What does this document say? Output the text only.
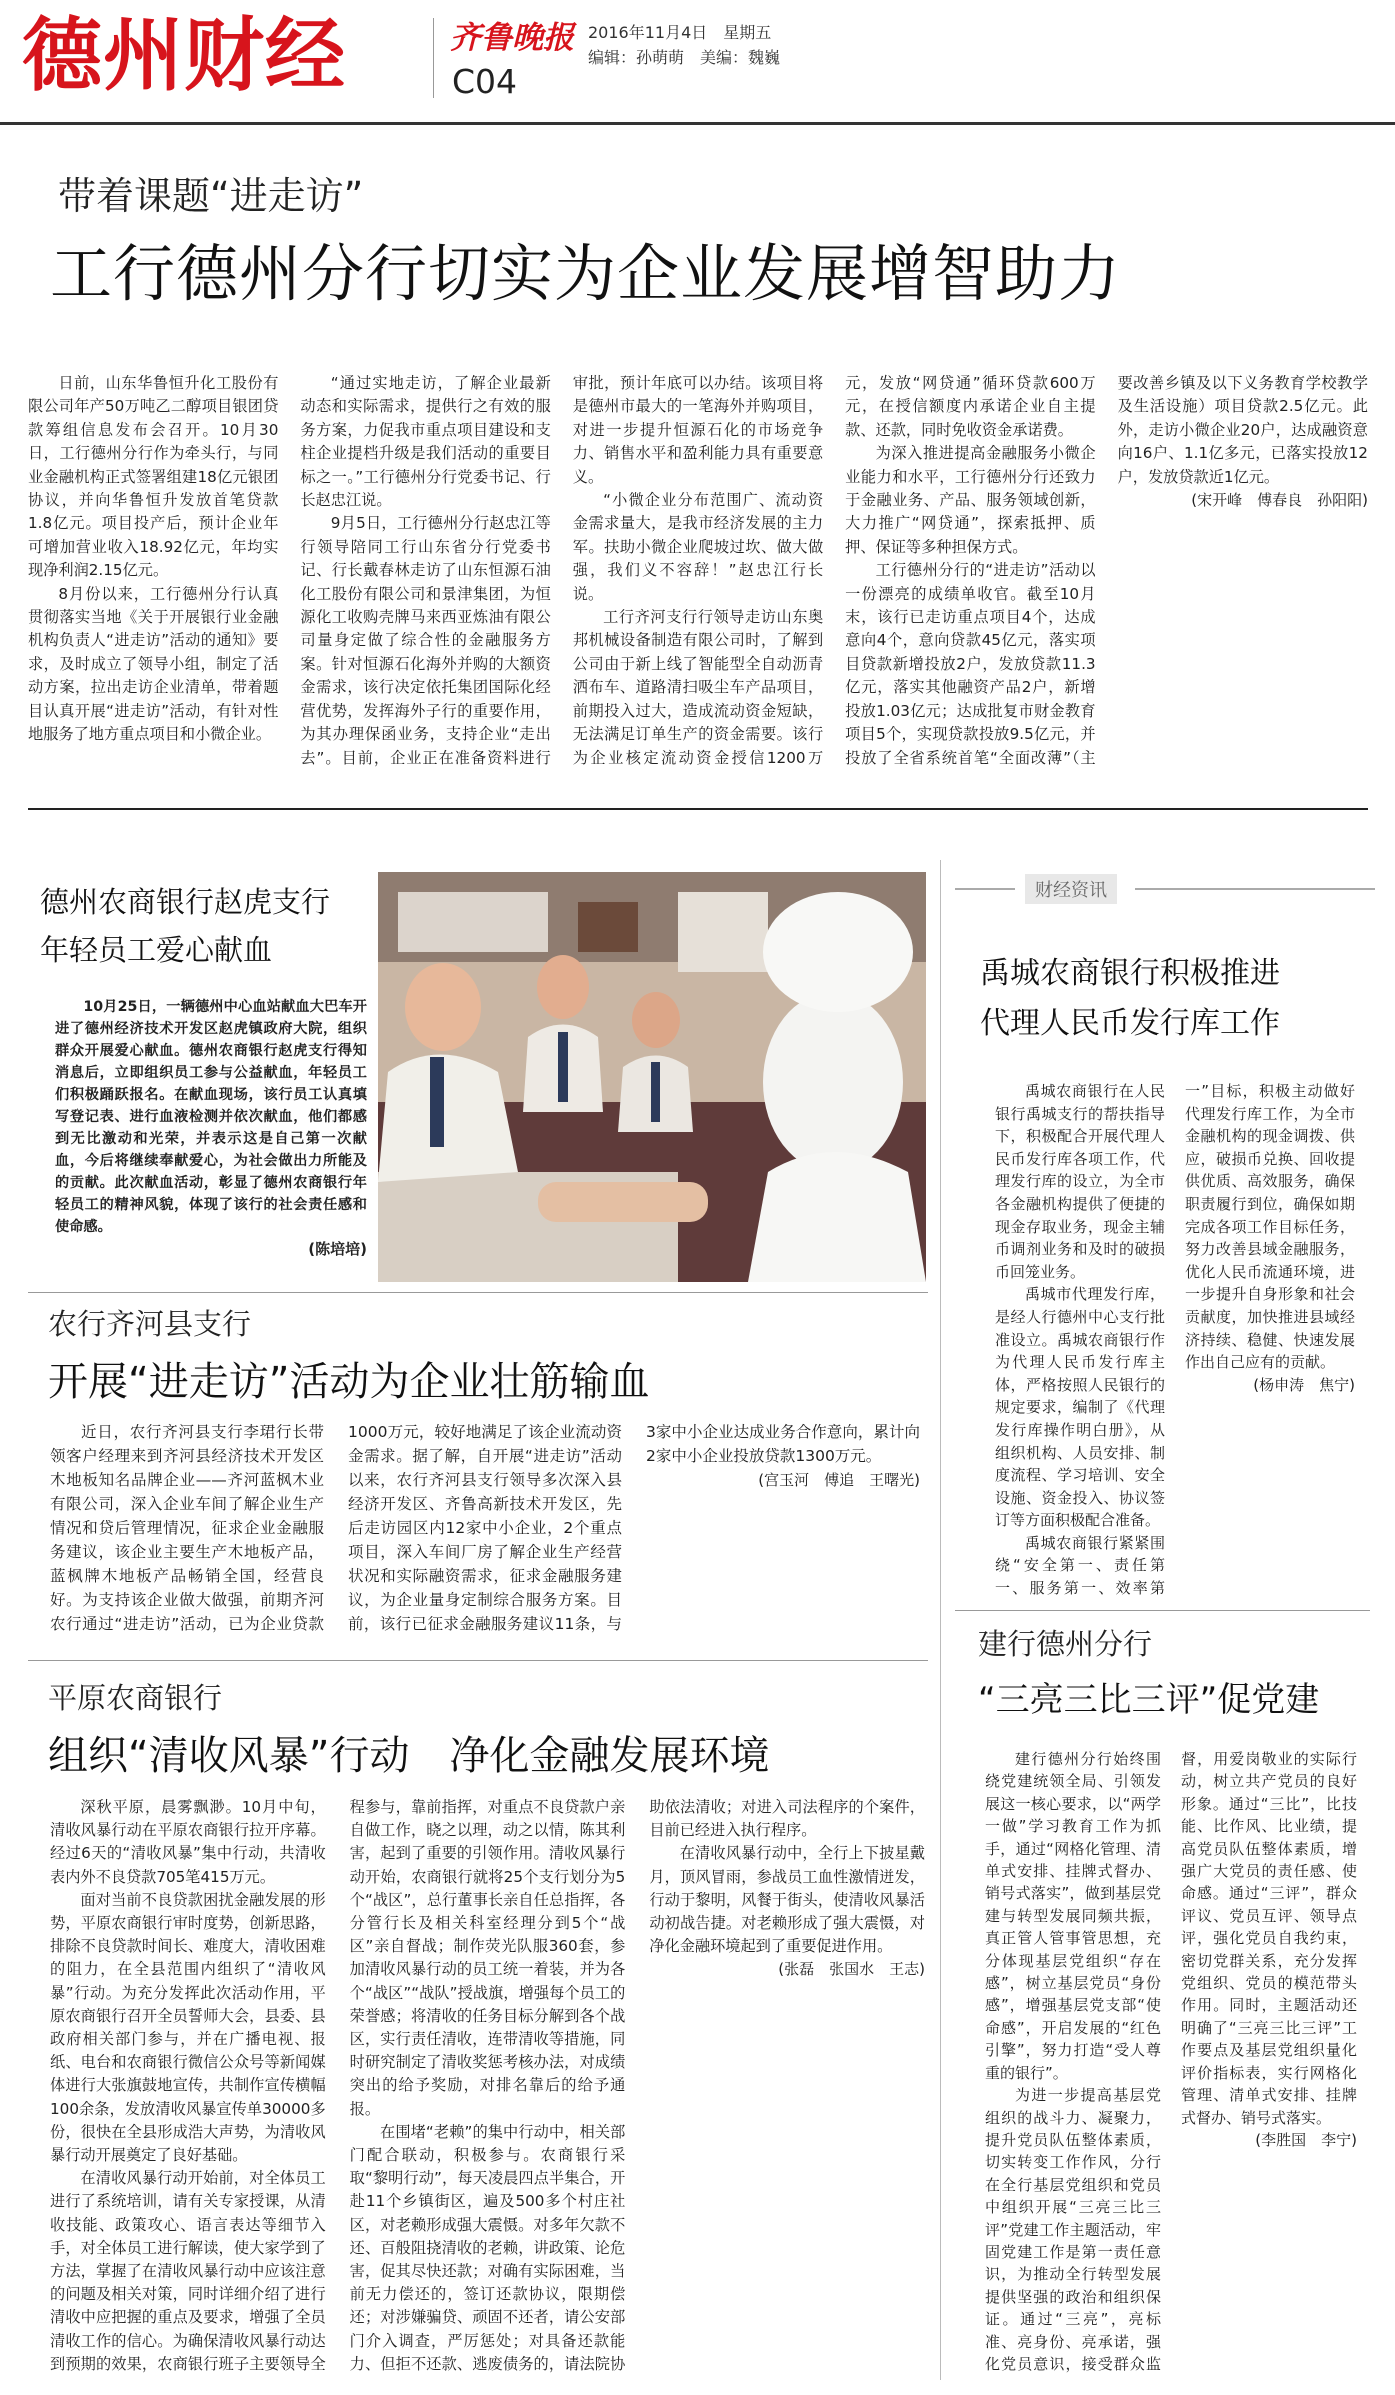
德州财经	齐鲁晚报
C04
2016年11月4日　星期五
编辑：孙萌萌　美编：魏巍
带着课题“进走访”
工行德州分行切实为企业发展增智助力

日前，山东华鲁恒升化工股份有限公司年产50万吨乙二醇项目银团贷款筹组信息发布会召开。10月30日，工行德州分行作为牵头行，与同业金融机构正式签署组建18亿元银团协议，并向华鲁恒升发放首笔贷款1.8亿元。项目投产后，预计企业年可增加营业收入18.92亿元，年均实现净利润2.15亿元。

8月份以来，工行德州分行认真贯彻落实当地《关于开展银行业金融机构负责人“进走访”活动的通知》要求，及时成立了领导小组，制定了活动方案，拉出走访企业清单，带着题目认真开展“进走访”活动，有针对性地服务了地方重点项目和小微企业。

“通过实地走访，了解企业最新动态和实际需求，提供行之有效的服务方案，力促我市重点项目建设和支柱企业提档升级是我们活动的重要目标之一。”工行德州分行党委书记、行长赵忠江说。

9月5日，工行德州分行赵忠江等行领导陪同工行山东省分行党委书记、行长戴春林走访了山东恒源石油化工股份有限公司和景津集团，为恒源化工收购壳牌马来西亚炼油有限公司量身定做了综合性的金融服务方案。针对恒源石化海外并购的大额资金需求，该行决定依托集团国际化经营优势，发挥海外子行的重要作用，为其办理保函业务，支持企业“走出去”。目前，企业正在准备资料进行审批，预计年底可以办结。该项目将是德州市最大的一笔海外并购项目，对进一步提升恒源石化的市场竞争力、销售水平和盈利能力具有重要意义。

“小微企业分布范围广、流动资金需求量大，是我市经济发展的主力军。扶助小微企业爬坡过坎、做大做强，我们义不容辞！”赵忠江行长说。

工行齐河支行行领导走访山东奥邦机械设备制造有限公司时，了解到公司由于新上线了智能型全自动沥青洒布车、道路清扫吸尘车产品项目，前期投入过大，造成流动资金短缺，无法满足订单生产的资金需要。该行为企业核定流动资金授信1200万元，发放“网贷通”循环贷款600万元，在授信额度内承诺企业自主提款、还款，同时免收资金承诺费。

为深入推进提高金融服务小微企业能力和水平，工行德州分行还致力于金融业务、产品、服务领域创新，大力推广“网贷通”，探索抵押、质押、保证等多种担保方式。

工行德州分行的“进走访”活动以一份漂亮的成绩单收官。截至10月末，该行已走访重点项目4个，达成意向4个，意向贷款45亿元，落实项目贷款新增投放2户，发放贷款11.3亿元，落实其他融资产品2户，新增投放1.03亿元；达成批复市财金教育项目5个，实现贷款投放9.5亿元，并投放了全省系统首笔“全面改薄”（主要改善乡镇及以下义务教育学校教学及生活设施）项目贷款2.5亿元。此外，走访小微企业20户，达成融资意向16户、1.1亿多元，已落实投放12户，发放贷款近1亿元。

(宋开峰　傅春良　孙阳阳)
德州农商银行赵虎支行
年轻员工爱心献血

10月25日，一辆德州中心血站献血大巴车开进了德州经济技术开发区赵虎镇政府大院，组织群众开展爱心献血。德州农商银行赵虎支行得知消息后，立即组织员工参与公益献血，年轻员工们积极踊跃报名。在献血现场，该行员工认真填写登记表、进行血液检测并依次献血，他们都感到无比激动和光荣，并表示这是自己第一次献血，今后将继续奉献爱心，为社会做出力所能及的贡献。此次献血活动，彰显了德州农商银行年轻员工的精神风貌，体现了该行的社会责任感和使命感。

(陈培培)
财经资讯
禹城农商银行积极推进
代理人民币发行库工作

禹城农商银行在人民银行禹城支行的帮扶指导下，积极配合开展代理人民币发行库各项工作，代理发行库的设立，为全市各金融机构提供了便捷的现金存取业务，现金主辅币调剂业务和及时的破损币回笼业务。

禹城市代理发行库，是经人行德州中心支行批准设立。禹城农商银行作为代理人民币发行库主体，严格按照人民银行的规定要求，编制了《代理发行库操作明白册》，从组织机构、人员安排、制度流程、学习培训、安全设施、资金投入、协议签订等方面积极配合准备。

禹城农商银行紧紧围绕“安全第一、责任第一、服务第一、效率第一”目标，积极主动做好代理发行库工作，为全市金融机构的现金调拨、供应，破损币兑换、回收提供优质、高效服务，确保职责履行到位，确保如期完成各项工作目标任务，努力改善县域金融服务，优化人民币流通环境，进一步提升自身形象和社会贡献度，加快推进县域经济持续、稳健、快速发展作出自己应有的贡献。

(杨申涛　焦宁)
农行齐河县支行
开展“进走访”活动为企业壮筋输血

近日，农行齐河县支行李珺行长带领客户经理来到齐河县经济技术开发区木地板知名品牌企业——齐河蓝枫木业有限公司，深入企业车间了解企业生产情况和贷后管理情况，征求企业金融服务建议，该企业主要生产木地板产品，蓝枫牌木地板产品畅销全国，经营良好。为支持该企业做大做强，前期齐河农行通过“进走访”活动，已为企业贷款1000万元，较好地满足了该企业流动资金需求。据了解，自开展“进走访”活动以来，农行齐河县支行领导多次深入县经济开发区、齐鲁高新技术开发区，先后走访园区内12家中小企业，2个重点项目，深入车间厂房了解企业生产经营状况和实际融资需求，征求金融服务建议，为企业量身定制综合服务方案。目前，该行已征求金融服务建议11条，与3家中小企业达成业务合作意向，累计向2家中小企业投放贷款1300万元。

(宫玉河　傅追　王曙光)
建行德州分行
“三亮三比三评”促党建

建行德州分行始终围绕党建统领全局、引领发展这一核心要求，以“两学一做”学习教育工作为抓手，通过“网格化管理、清单式安排、挂牌式督办、销号式落实”，做到基层党建与转型发展同频共振，真正管人管事管思想，充分体现基层党组织“存在感”，树立基层党员“身份感”，增强基层党支部“使命感”，开启发展的“红色引擎”，努力打造“受人尊重的银行”。

为进一步提高基层党组织的战斗力、凝聚力，提升党员队伍整体素质，切实转变工作作风，分行在全行基层党组织和党员中组织开展“三亮三比三评”党建工作主题活动，牢固党建工作是第一责任意识，为推动全行转型发展提供坚强的政治和组织保证。通过“三亮”，亮标准、亮身份、亮承诺，强化党员意识，接受群众监督，用爱岗敬业的实际行动，树立共产党员的良好形象。通过“三比”，比技能、比作风、比业绩，提高党员队伍整体素质，增强广大党员的责任感、使命感。通过“三评”，群众评议、党员互评、领导点评，强化党员自我约束，密切党群关系，充分发挥党组织、党员的模范带头作用。同时，主题活动还明确了“三亮三比三评”工作要点及基层党组织量化评价指标表，实行网格化管理、清单式安排、挂牌式督办、销号式落实。

(李胜国　李宁)
平原农商银行
组织“清收风暴”行动　净化金融发展环境

深秋平原，晨雾飘渺。10月中旬，清收风暴行动在平原农商银行拉开序幕。经过6天的“清收风暴”集中行动，共清收表内外不良贷款705笔415万元。

面对当前不良贷款困扰金融发展的形势，平原农商银行审时度势，创新思路，排除不良贷款时间长、难度大，清收困难的阻力，在全县范围内组织了“清收风暴”行动。为充分发挥此次活动作用，平原农商银行召开全员誓师大会，县委、县政府相关部门参与，并在广播电视、报纸、电台和农商银行微信公众号等新闻媒体进行大张旗鼓地宣传，共制作宣传横幅100余条，发放清收风暴宣传单30000多份，很快在全县形成浩大声势，为清收风暴行动开展奠定了良好基础。

在清收风暴行动开始前，对全体员工进行了系统培训，请有关专家授课，从清收技能、政策攻心、语言表达等细节入手，对全体员工进行解读，使大家学到了方法，掌握了在清收风暴行动中应该注意的问题及相关对策，同时详细介绍了进行清收中应把握的重点及要求，增强了全员清收工作的信心。为确保清收风暴行动达到预期的效果，农商银行班子主要领导全程参与，靠前指挥，对重点不良贷款户亲自做工作，晓之以理，动之以情，陈其利害，起到了重要的引领作用。清收风暴行动开始，农商银行就将25个支行划分为5个“战区”，总行董事长亲自任总指挥，各分管行长及相关科室经理分到5个“战区”亲自督战；制作荧光队服360套，参加清收风暴行动的员工统一着装，并为各个“战区”“战队”授战旗，增强每个员工的荣誉感；将清收的任务目标分解到各个战区，实行责任清收，连带清收等措施，同时研究制定了清收奖惩考核办法，对成绩突出的给予奖励，对排名靠后的给予通报。

在围堵“老赖”的集中行动中，相关部门配合联动，积极参与。农商银行采取“黎明行动”，每天凌晨四点半集合，开赴11个乡镇街区，遍及500多个村庄社区，对老赖形成强大震慑。对多年欠款不还、百般阻挠清收的老赖，讲政策、论危害，促其尽快还款；对确有实际困难，当前无力偿还的，签订还款协议，限期偿还；对涉嫌骗贷、顽固不还者，请公安部门介入调查，严厉惩处；对具备还款能力、但拒不还款、逃废债务的，请法院协助依法清收；对进入司法程序的个案件，目前已经进入执行程序。

在清收风暴行动中，全行上下披星戴月，顶风冒雨，参战员工血性激情迸发，行动于黎明，风餐于街头，使清收风暴活动初战告捷。对老赖形成了强大震慑，对净化金融环境起到了重要促进作用。

(张磊　张国水　王志)
